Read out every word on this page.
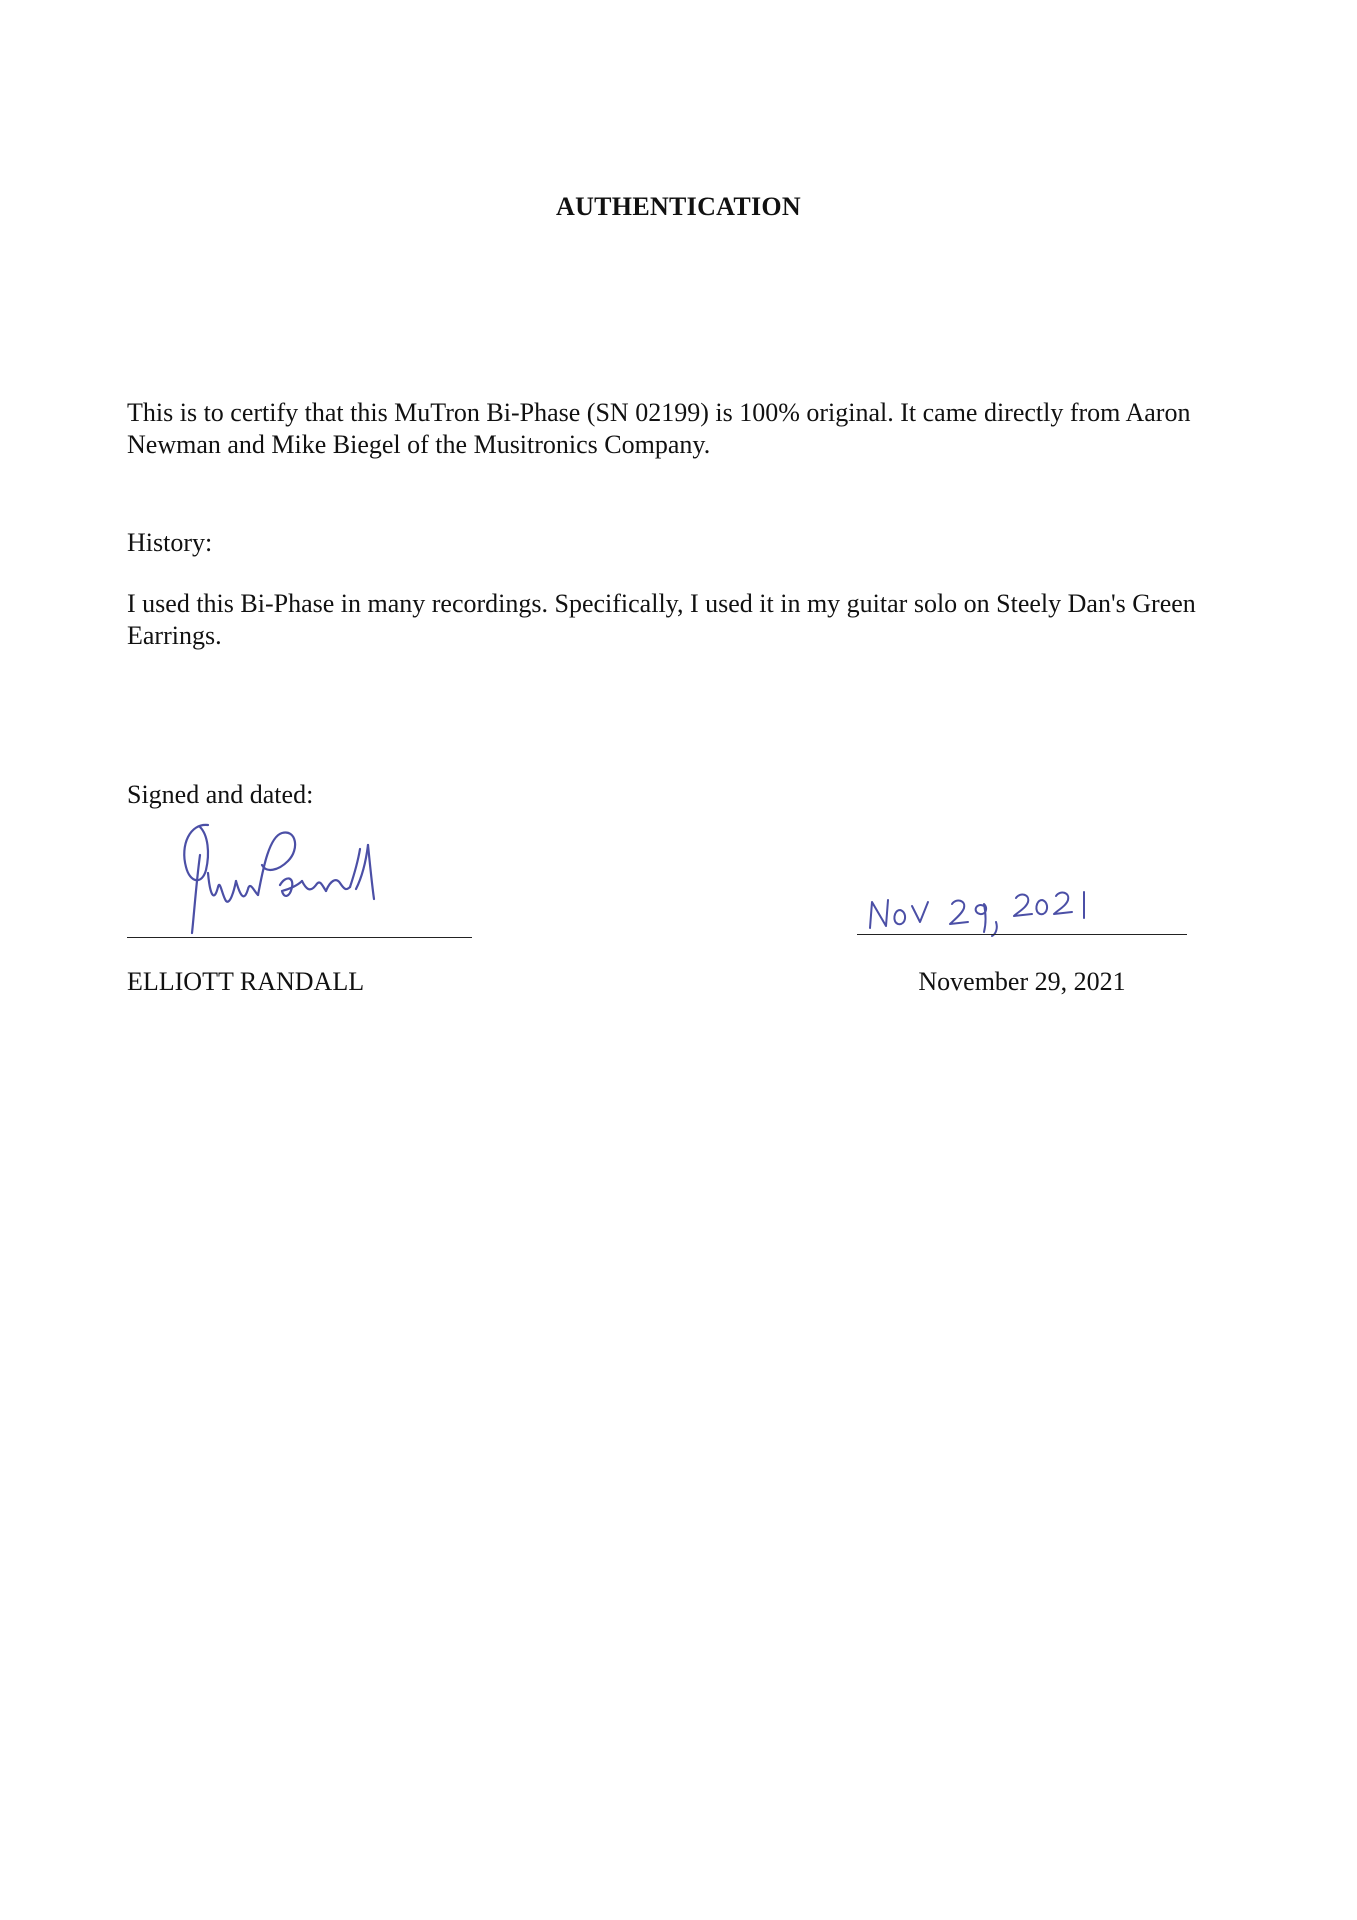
AUTHENTICATION
This is to certify that this MuTron Bi-Phase (SN 02199) is 100% original. It came directly from Aaron Newman and Mike Biegel of the Musitronics Company.
History:
I used this Bi-Phase in many recordings. Specifically, I used it in my guitar solo on Steely Dan's Green Earrings.
Signed and dated:
ELLIOTT RANDALL	November 29, 2021
